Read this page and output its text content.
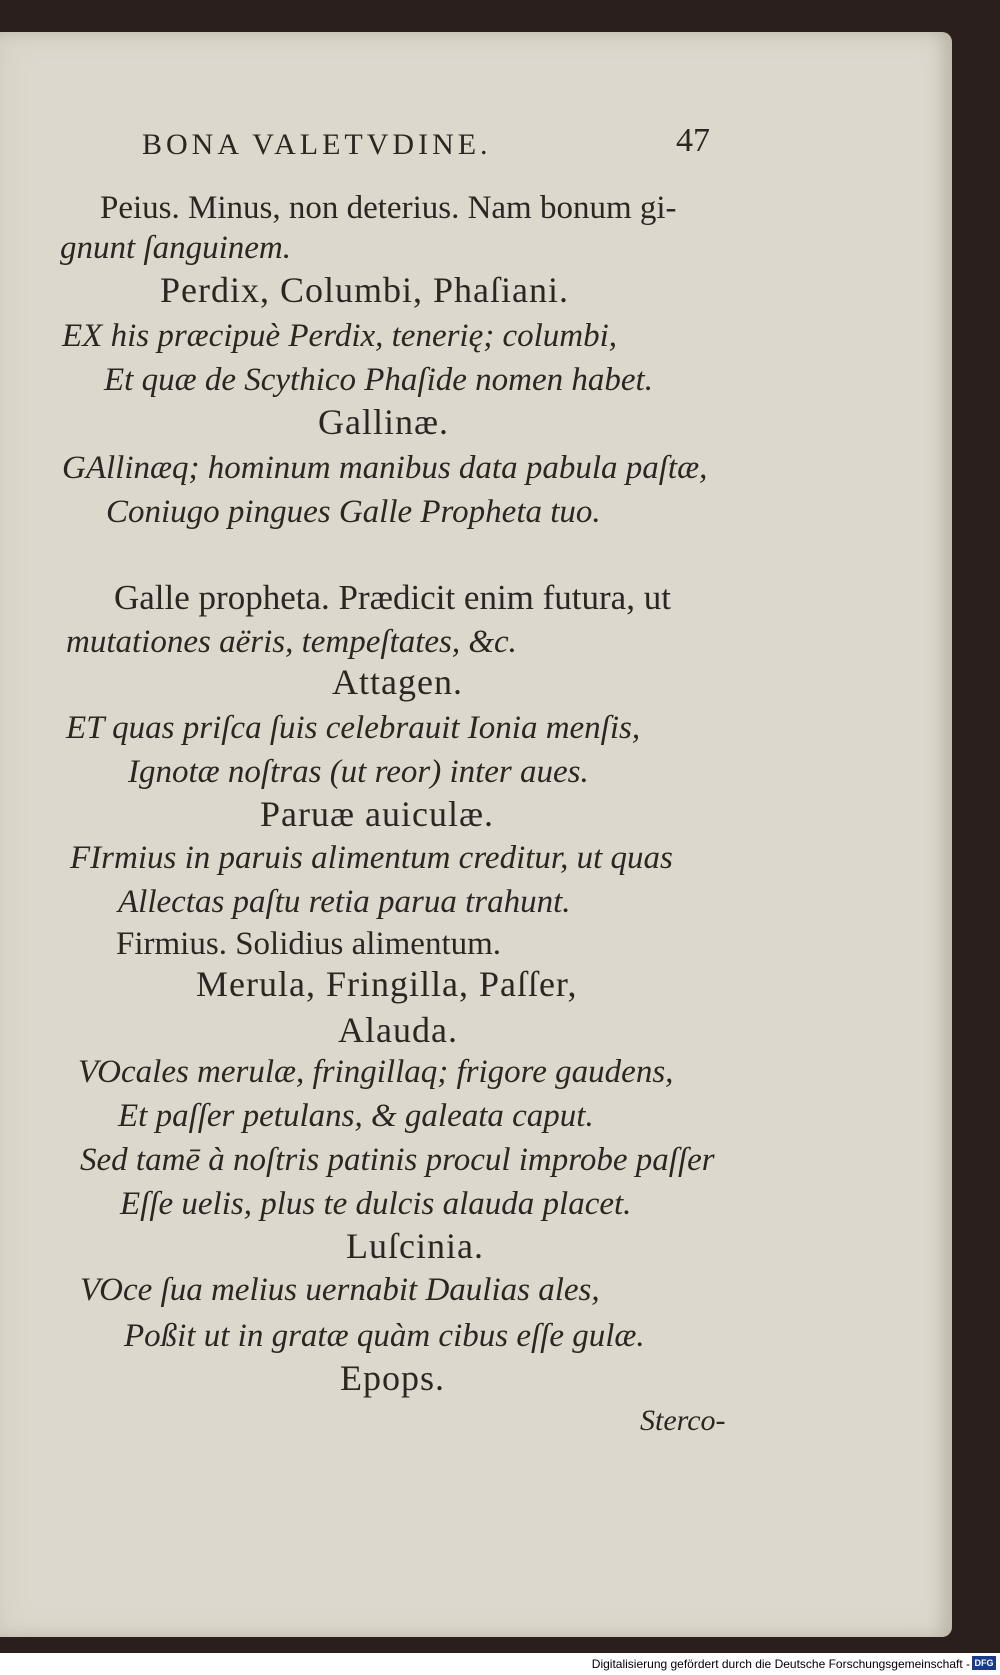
BONA VALETVDINE.	47
Peius. Minus, non deterius. Nam bonum gi-
gnunt ſanguinem.
Perdix, Columbi, Phaſiani.
EX his præcipuè Perdix, tenerię; columbi,
Et quæ de Scythico Phaſide nomen habet.
Gallinæ.
GAllinæq; hominum manibus data pabula paſtæ,
Coniugo pingues Galle Propheta tuo.
Galle propheta. Prædicit enim futura, ut
mutationes aëris, tempeſtates, &c.
Attagen.
ET quas priſca ſuis celebrauit Ionia menſis,
Ignotæ noſtras (ut reor) inter aues.
Paruæ auiculæ.
FIrmius in paruis alimentum creditur, ut quas
Allectas paſtu retia parua trahunt.
Firmius. Solidius alimentum.
Merula, Fringilla, Paſſer,
Alauda.
VOcales merulæ, fringillaq; frigore gaudens,
Et paſſer petulans, & galeata caput.
Sed tamē à noſtris patinis procul improbe paſſer
Eſſe uelis, plus te dulcis alauda placet.
Luſcinia.
VOce ſua melius uernabit Daulias ales,
Poßit ut in gratæ quàm cibus eſſe gulæ.
Epops.
Sterco-
Digitalisierung gefördert durch die Deutsche Forschungsgemeinschaft - DFG
